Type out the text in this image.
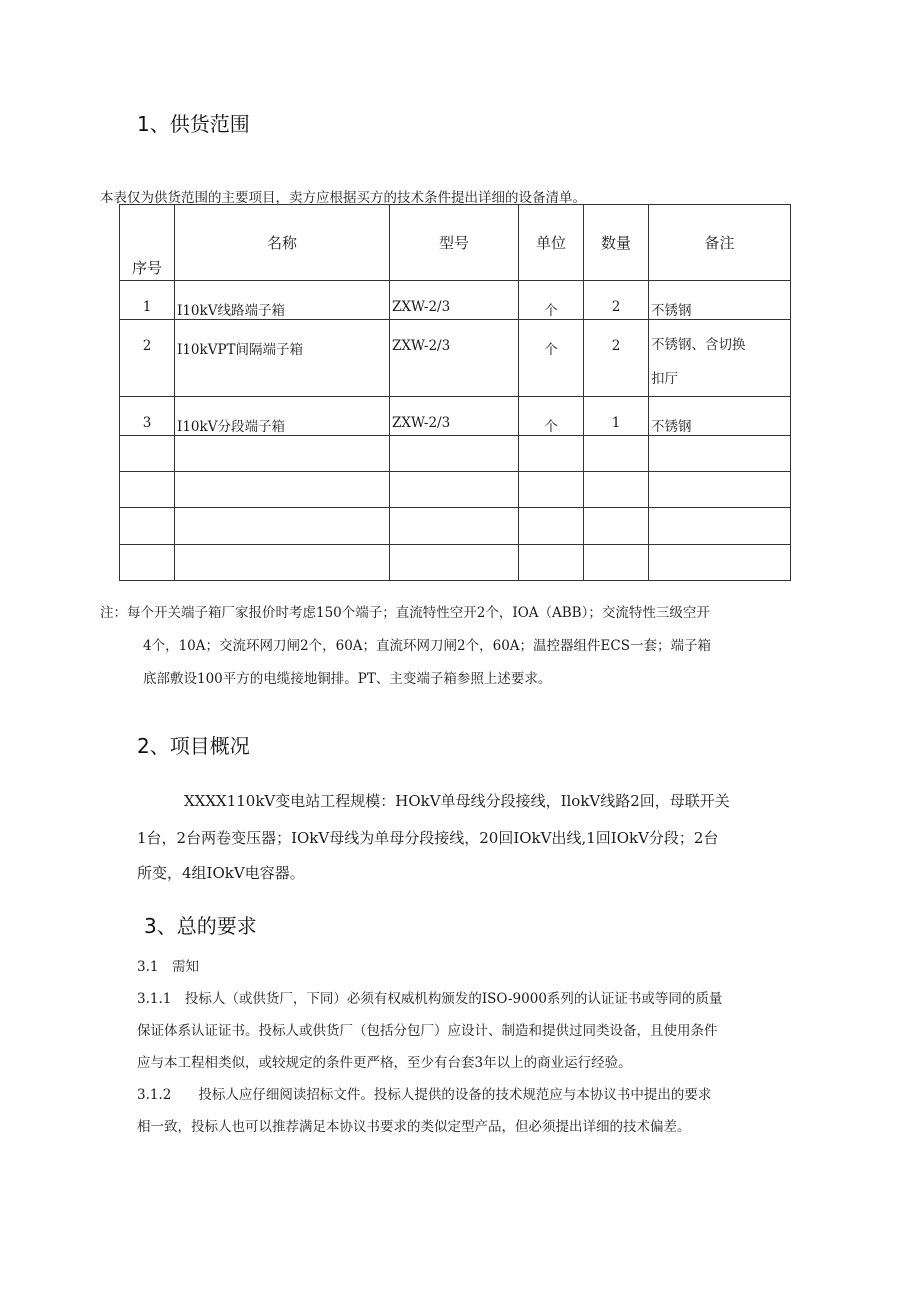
1、供货范围
本表仅为供货范围的主要项目，卖方应根据买方的技术条件提出详细的设备清单。
序号	名称	型号	单位	数量	备注

1	I10kV线路端子箱	ZXW-2/3	个	2	不锈钢
2	I10kVPT间隔端子箱	ZXW-2/3	个	2	不锈钢、含切换
扣厅

3	I10kV分段端子箱	ZXW-2/3	个	1	不锈钢

注：每个开关端子箱厂家报价时考虑150个端子；直流特性空开2个，IOA（ABB）；交流特性三级空开
4个，10A；交流环网刀闸2个，60A；直流环网刀闸2个，60A；温控器组件ECS一套；端子箱
底部敷设100平方的电缆接地铜排。PT、主变端子箱参照上述要求。
2、项目概况
XXXX110kV变电站工程规模：HOkV单母线分段接线，IlokV线路2回，母联开关
1台，2台两卷变压器；IOkV母线为单母分段接线，20回IOkV出线,1回IOkV分段；2台
所变，4组IOkV电容器。
3、总的要求
3.1　需知
3.1.1　投标人（或供货厂，下同）必须有权威机构颁发的ISO-9000系列的认证证书或等同的质量
保证体系认证证书。投标人或供货厂（包括分包厂）应设计、制造和提供过同类设备，且使用条件
应与本工程相类似，或较规定的条件更严格，至少有台套3年以上的商业运行经验。
3.1.2　　投标人应仔细阅读招标文件。投标人提供的设备的技术规范应与本协议书中提出的要求
相一致，投标人也可以推荐满足本协议书要求的类似定型产品，但必须提出详细的技术偏差。
